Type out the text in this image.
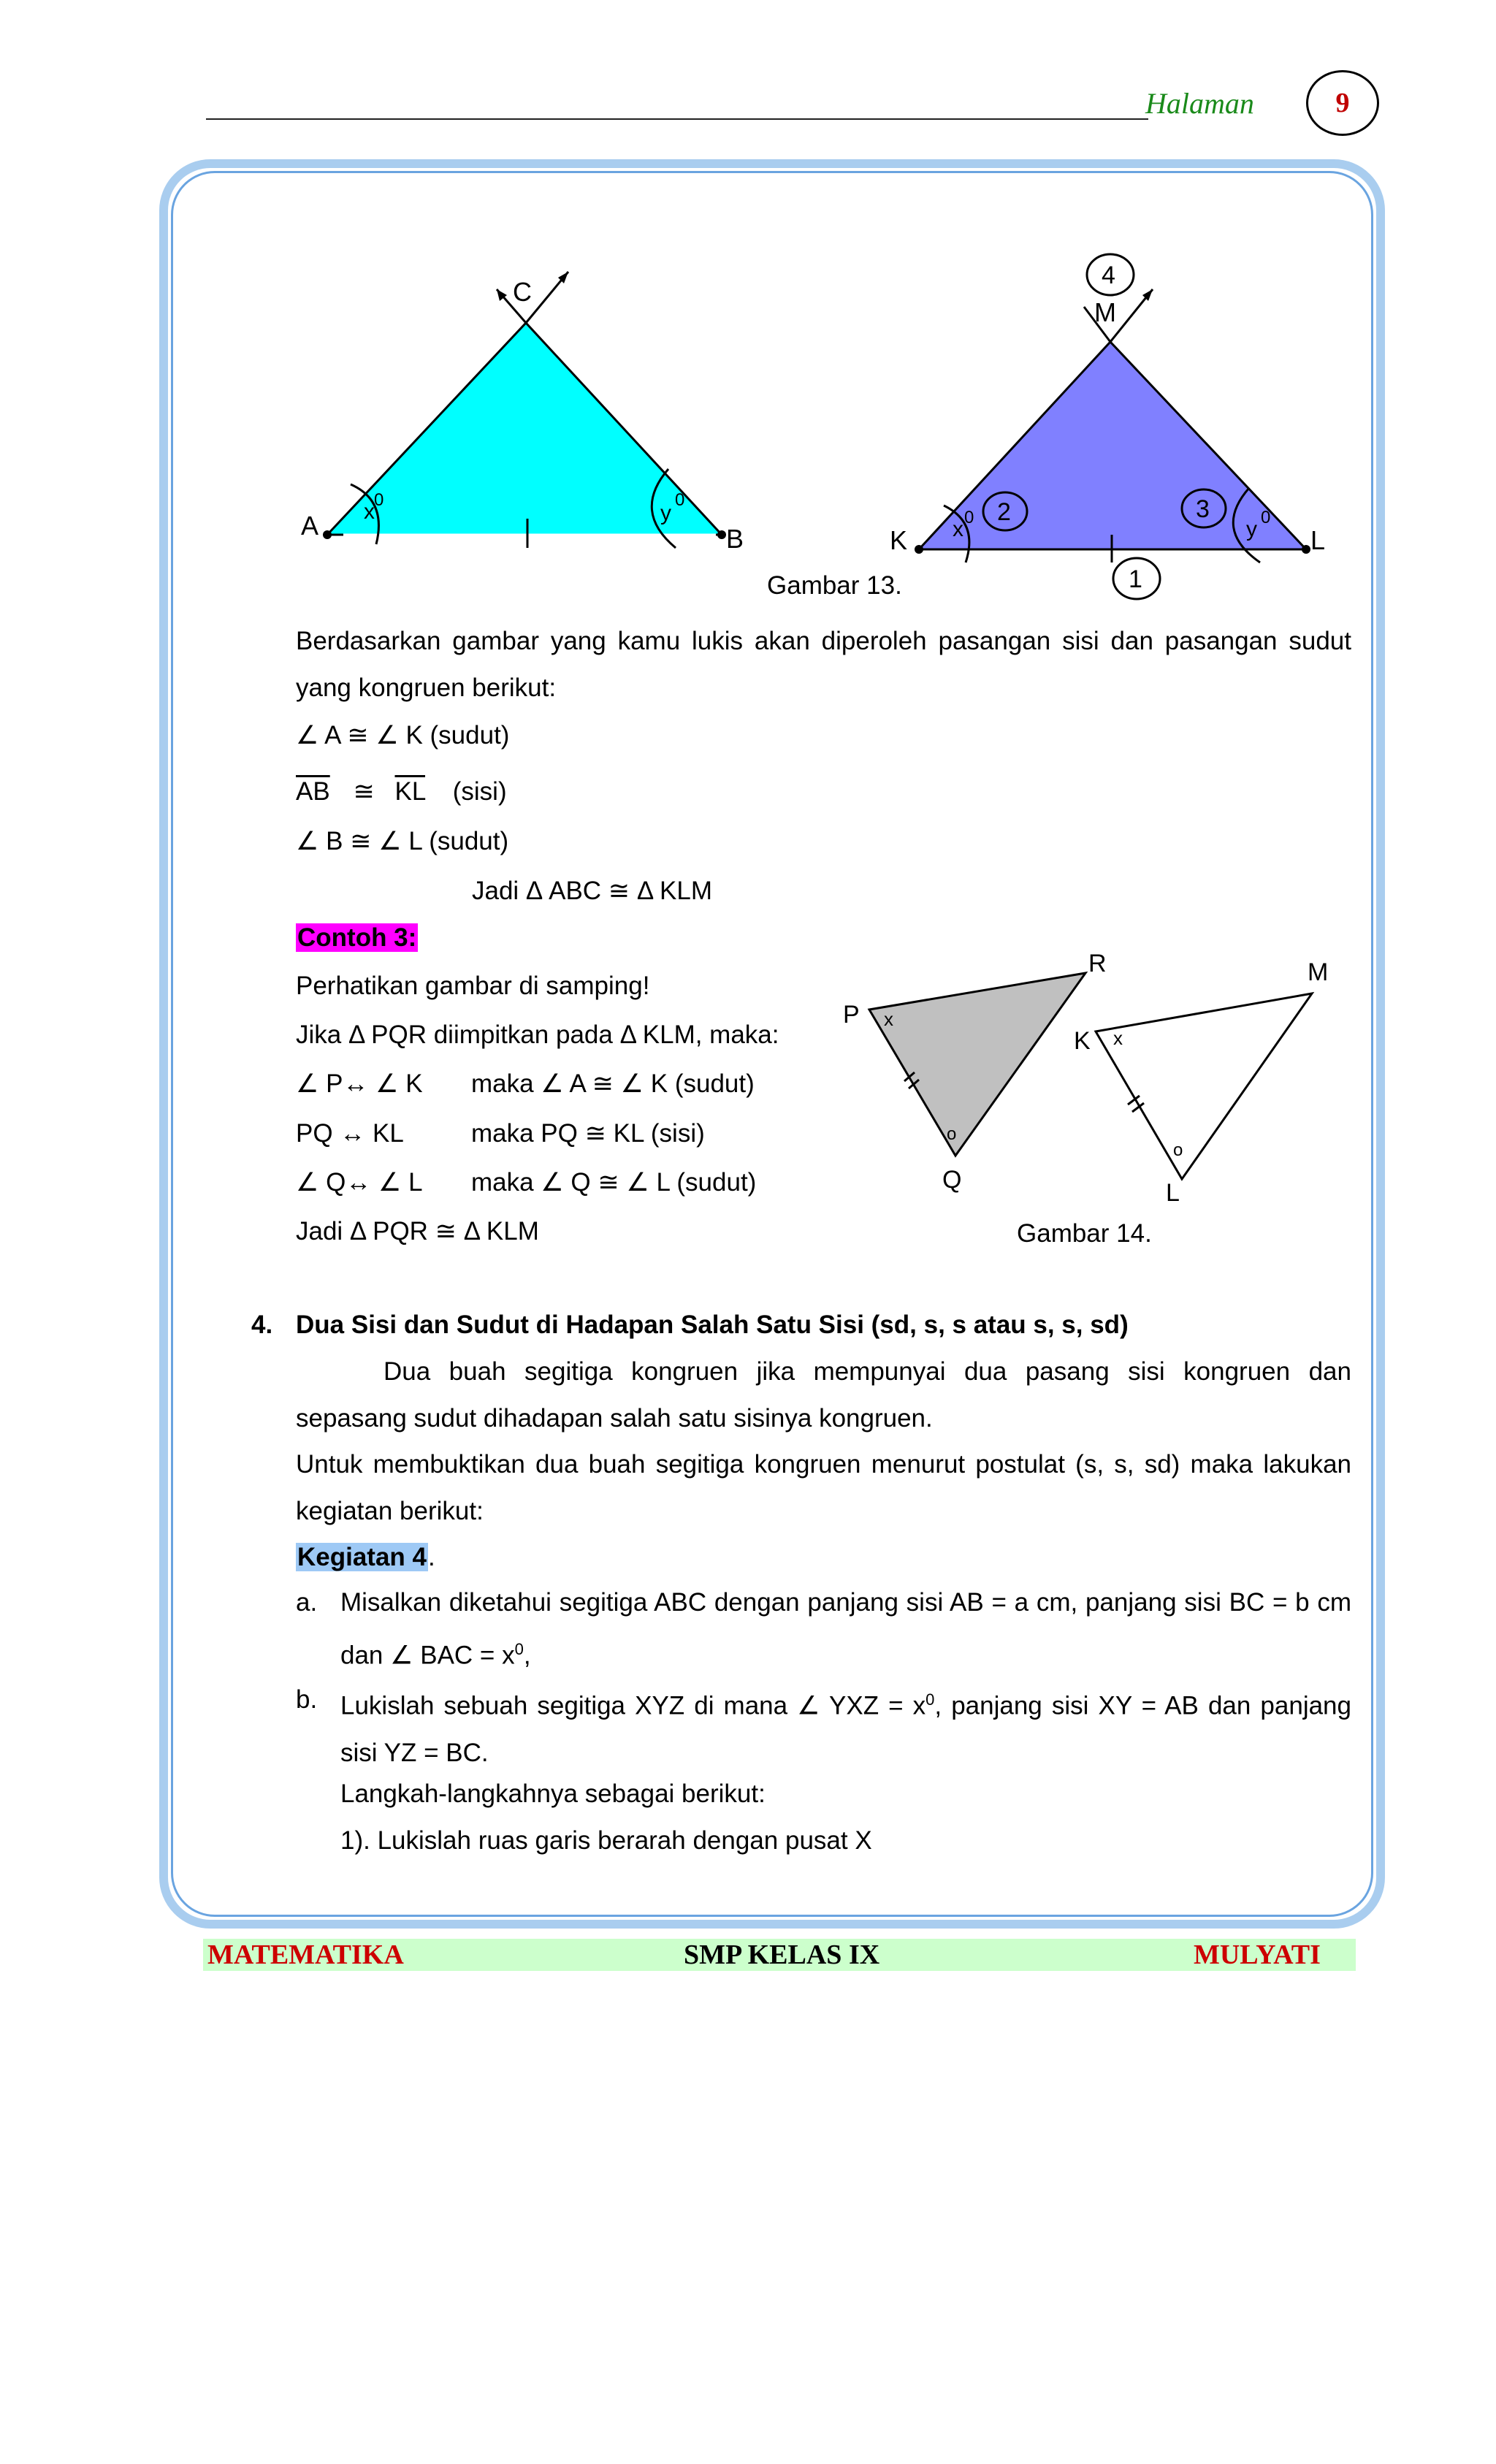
Halaman	9
A	B
C
x 0
y
0
K	L
M
x 0	y 0
4
2	3
1
Gambar 13.
Berdasarkan gambar yang kamu lukis akan diperoleh pasangan sisi dan pasangan sudut yang kongruen berikut:
∠ A ≅ ∠ K (sudut)
$\overline{AB}$ ≅ $\overline{KL}$ (sisi)
∠ B ≅ ∠ L (sudut)
Jadi Δ ABC ≅ Δ KLM
Contoh 3:
Perhatikan gambar di samping!
Jika Δ PQR diimpitkan pada Δ KLM, maka:
∠ P↔ ∠ K maka ∠ A ≅ ∠ K (sudut)
PQ ↔ KL	maka PQ ≅ KL (sisi)
∠ Q↔ ∠ L maka ∠ Q ≅ ∠ L (sudut)
Jadi Δ PQR ≅ Δ KLM
P
R
Q
K
M
L
x
o
x
o
Gambar 14.
4. Dua Sisi dan Sudut di Hadapan Salah Satu Sisi (sd, s, s atau s, s, sd)
Dua buah segitiga kongruen jika mempunyai dua pasang sisi kongruen dan sepasang sudut dihadapan salah satu sisinya kongruen.
Untuk membuktikan dua buah segitiga kongruen menurut postulat (s, s, sd) maka lakukan kegiatan berikut:
Kegiatan 4.
a. Misalkan diketahui segitiga ABC dengan panjang sisi AB = a cm, panjang sisi BC = b cm dan ∠ BAC = $x^0$,
b. Lukislah sebuah segitiga XYZ di mana ∠ YXZ = $x^0$, panjang sisi XY = AB dan panjang sisi YZ = BC.
Langkah-langkahnya sebagai berikut:
1). Lukislah ruas garis berarah dengan pusat X
MATEMATIKA	SMP KELAS IX	MULYATI
